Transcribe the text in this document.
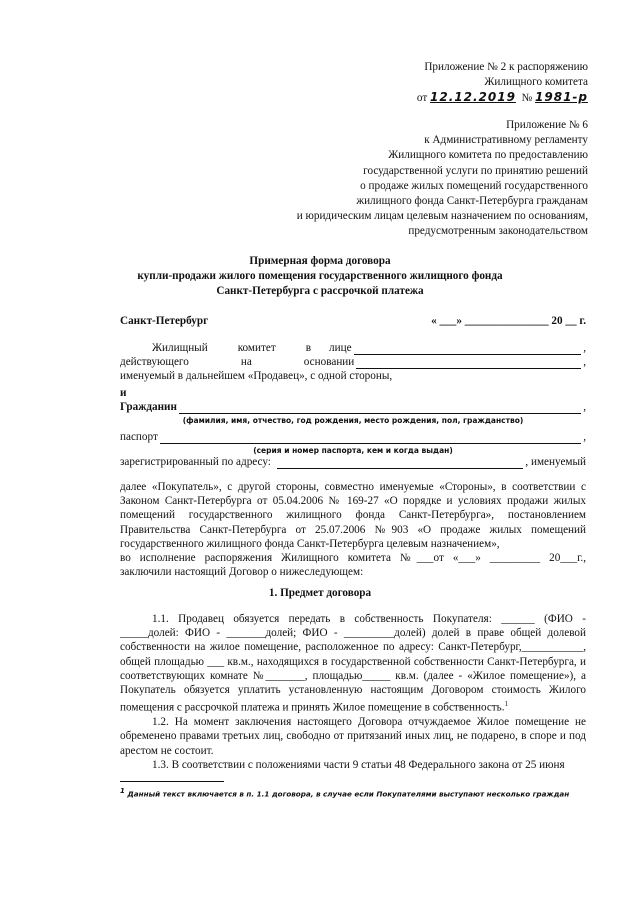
Приложение № 2 к распоряжению
Жилищного комитета
от 12.12.2019 № 1981-р
Приложение № 6
к Административному регламенту
Жилищного комитета по предоставлению
государственной услуги по принятию решений
о продаже жилых помещений государственного
жилищного фонда Санкт-Петербурга гражданам
и юридическим лицам целевым назначением по основаниям,
предусмотренным законодательством
Примерная форма договора
купли-продажи жилого помещения государственного жилищного фонда
Санкт-Петербурга с рассрочкой платежа
Санкт-Петербург	« ___» _______________ 20 __ г.
Жилищный	комитет	в лице	,
действующего	на	основании	,
именуемый в дальнейшем «Продавец», с одной стороны,
и
Гражданин	,
(фамилия, имя, отчество, год рождения, место рождения, пол, гражданство)
паспорт	,
(серия и номер паспорта, кем и когда выдан)
зарегистрированный по адресу:	, именуемый
далее «Покупатель», с другой стороны, совместно именуемые «Стороны», в соответствии с Законом Санкт-Петербурга от 05.04.2006 № 169-27 «О порядке и условиях продажи жилых помещений государственного жилищного фонда Санкт-Петербурга», постановлением Правительства Санкт-Петербурга от 25.07.2006 №903 «О продаже жилых помещений государственного жилищного фонда Санкт-Петербурга целевым назначением»,
во исполнение распоряжения Жилищного комитета №___от «___» _________ 20___г.,
заключили настоящий Договор о нижеследующем:
1. Предмет договора
1.1. Продавец обязуется передать в собственность Покупателя: ______ (ФИО - _____долей: ФИО - _______долей; ФИО - _________долей) долей в праве общей долевой собственности на жилое помещение, расположенное по адресу: Санкт-Петербург,___________, общей площадью ___ кв.м., находящихся в государственной собственности Санкт-Петербурга, и соответствующих комнате №_______, площадью_____ кв.м. (далее - «Жилое помещение»), а Покупатель обязуется уплатить установленную настоящим Договором стоимость Жилого помещения с рассрочкой платежа и принять Жилое помещение в собственность.$^1$
1.2. На момент заключения настоящего Договора отчуждаемое Жилое помещение не обременено правами третьих лиц, свободно от притязаний иных лиц, не подарено, в споре и под арестом не состоит.
1.3. В соответствии с положениями части 9 статьи 48 Федерального закона от 25 июня
$^1$ Данный текст включается в п. 1.1 договора, в случае если Покупателями выступают несколько граждан
